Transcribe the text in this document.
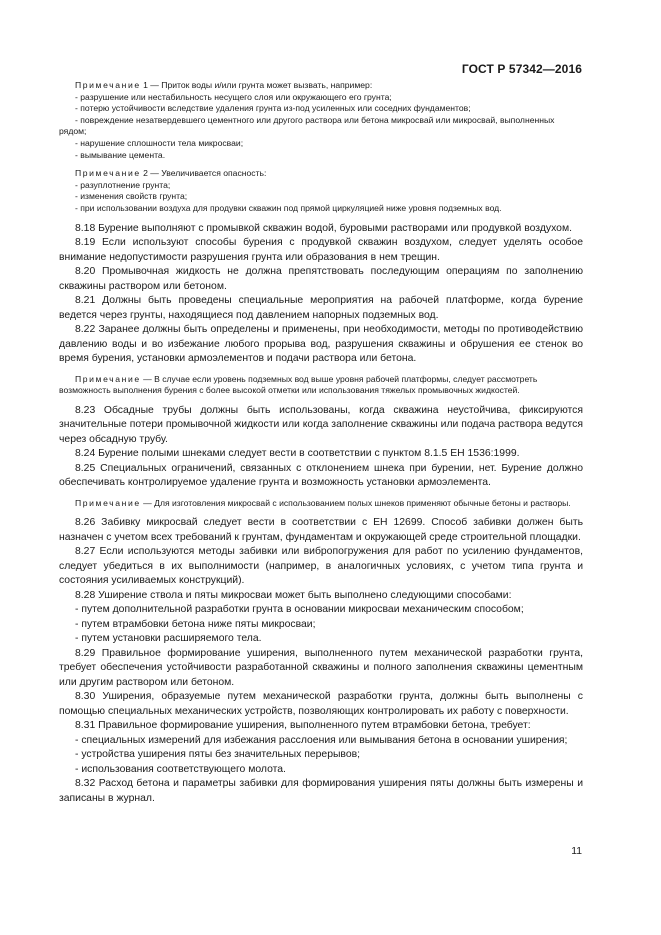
ГОСТ Р 57342—2016

Примечание 1 — Приток воды и/или грунта может вызвать, например:

- разрушение или нестабильность несущего слоя или окружающего его грунта;

- потерю устойчивости вследствие удаления грунта из-под усиленных или соседних фундаментов;

- повреждение незатвердевшего цементного или другого раствора или бетона микросвай или микросвай, выполненных рядом;

- нарушение сплошности тела микросваи;

- вымывание цемента.

Примечание 2 — Увеличивается опасность:

- разуплотнение грунта;

- изменения свойств грунта;

- при использовании воздуха для продувки скважин под прямой циркуляцией ниже уровня подземных вод.

8.18 Бурение выполняют с промывкой скважин водой, буровыми растворами или продувкой воздухом.

8.19 Если используют способы бурения с продувкой скважин воздухом, следует уделять особое внимание недопустимости разрушения грунта или образования в нем трещин.

8.20 Промывочная жидкость не должна препятствовать последующим операциям по заполнению скважины раствором или бетоном.

8.21 Должны быть проведены специальные мероприятия на рабочей платформе, когда бурение ведется через грунты, находящиеся под давлением напорных подземных вод.

8.22 Заранее должны быть определены и применены, при необходимости, методы по противодействию давлению воды и во избежание любого прорыва вод, разрушения скважины и обрушения ее стенок во время бурения, установки армоэлементов и подачи раствора или бетона.

Примечание — В случае если уровень подземных вод выше уровня рабочей платформы, следует рассмотреть возможность выполнения бурения с более высокой отметки или использования тяжелых промывочных жидкостей.

8.23 Обсадные трубы должны быть использованы, когда скважина неустойчива, фиксируются значительные потери промывочной жидкости или когда заполнение скважины или подача раствора ведутся через обсадную трубу.

8.24 Бурение полыми шнеками следует вести в соответствии с пунктом 8.1.5 ЕН 1536:1999.

8.25 Специальных ограничений, связанных с отклонением шнека при бурении, нет. Бурение должно обеспечивать контролируемое удаление грунта и возможность установки армоэлемента.

Примечание — Для изготовления микросвай с использованием полых шнеков применяют обычные бетоны и растворы.

8.26 Забивку микросвай следует вести в соответствии с ЕН 12699. Способ забивки должен быть назначен с учетом всех требований к грунтам, фундаментам и окружающей среде строительной площадки.

8.27 Если используются методы забивки или вибропогружения для работ по усилению фундаментов, следует убедиться в их выполнимости (например, в аналогичных условиях, с учетом типа грунта и состояния усиливаемых конструкций).

8.28 Уширение ствола и пяты микросваи может быть выполнено следующими способами:

- путем дополнительной разработки грунта в основании микросваи механическим способом;

- путем втрамбовки бетона ниже пяты микросваи;

- путем установки расширяемого тела.

8.29 Правильное формирование уширения, выполненного путем механической разработки грунта, требует обеспечения устойчивости разработанной скважины и полного заполнения скважины цементным или другим раствором или бетоном.

8.30 Уширения, образуемые путем механической разработки грунта, должны быть выполнены с помощью специальных механических устройств, позволяющих контролировать их работу с поверхности.

8.31 Правильное формирование уширения, выполненного путем втрамбовки бетона, требует:

- специальных измерений для избежания расслоения или вымывания бетона в основании уширения;

- устройства уширения пяты без значительных перерывов;

- использования соответствующего молота.

8.32 Расход бетона и параметры забивки для формирования уширения пяты должны быть измерены и записаны в журнал.

11
